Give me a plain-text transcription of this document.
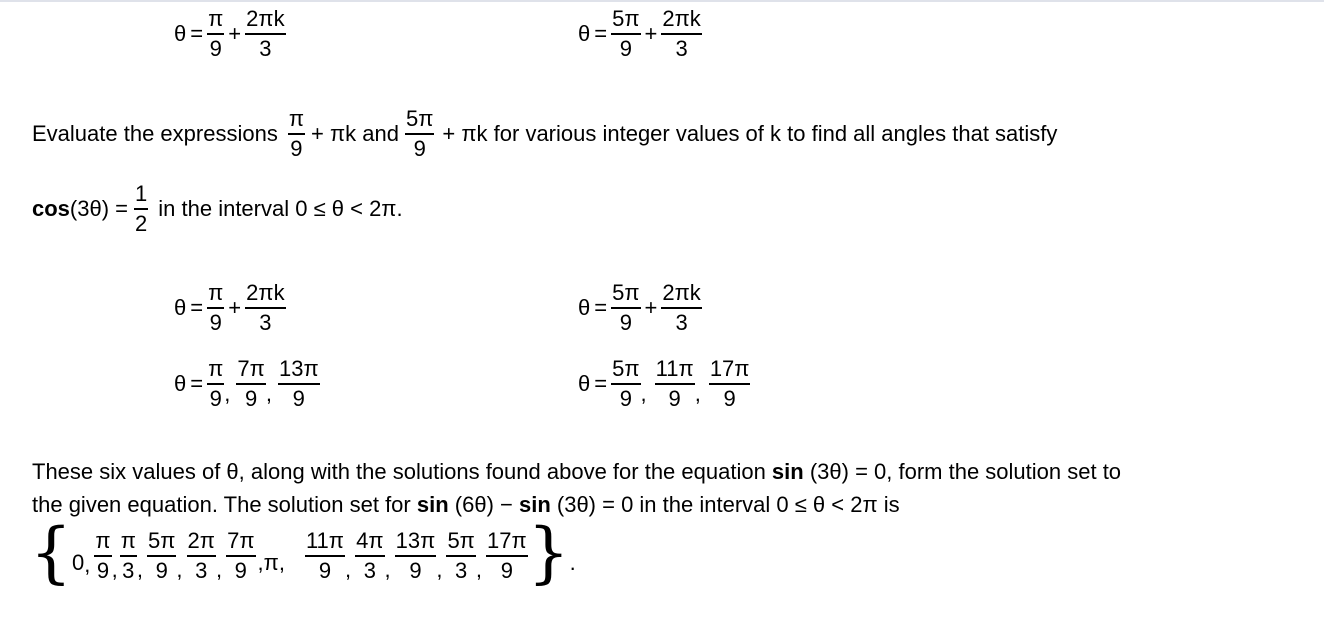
$\theta = \frac{\pi}{9} + \frac{2\pi k}{3}$	$\theta = \frac{5\pi}{9} + \frac{2\pi k}{3}$
Evaluate the expressions $\frac{\pi}{9} + \pi k$ and $\frac{5\pi}{9} + \pi k$ for various integer values of k to find all angles that satisfy
$\cos (3\theta) = \frac{1}{2}$ in the interval 0 ≤ θ < 2π.
$\theta = \frac{\pi}{9} + \frac{2\pi k}{3}$	$\theta = \frac{5\pi}{9} + \frac{2\pi k}{3}$
$\theta = \frac{\pi}{9}$ , $\frac{7\pi}{9}$ , $\frac{13\pi}{9}$	$\theta = \frac{5\pi}{9}$ , $\frac{11\pi}{9}$ , $\frac{17\pi}{9}$
These six values of θ, along with the solutions found above for the equation sin (3θ) = 0, form the solution set to
the given equation. The solution set for sin (6θ) − sin (3θ) = 0 in the interval 0 ≤ θ < 2π is
{ 0 , $\frac{\pi}{9}$ , $\frac{\pi}{3}$ , $\frac{5\pi}{9}$ , $\frac{2\pi}{3}$ , $\frac{7\pi}{9} ,\pi$, $\frac{11\pi}{9}$ , $\frac{4\pi}{3}$ , $\frac{13\pi}{9}$ , $\frac{5\pi}{3}$ , $\frac{17\pi}{9}$ } .
